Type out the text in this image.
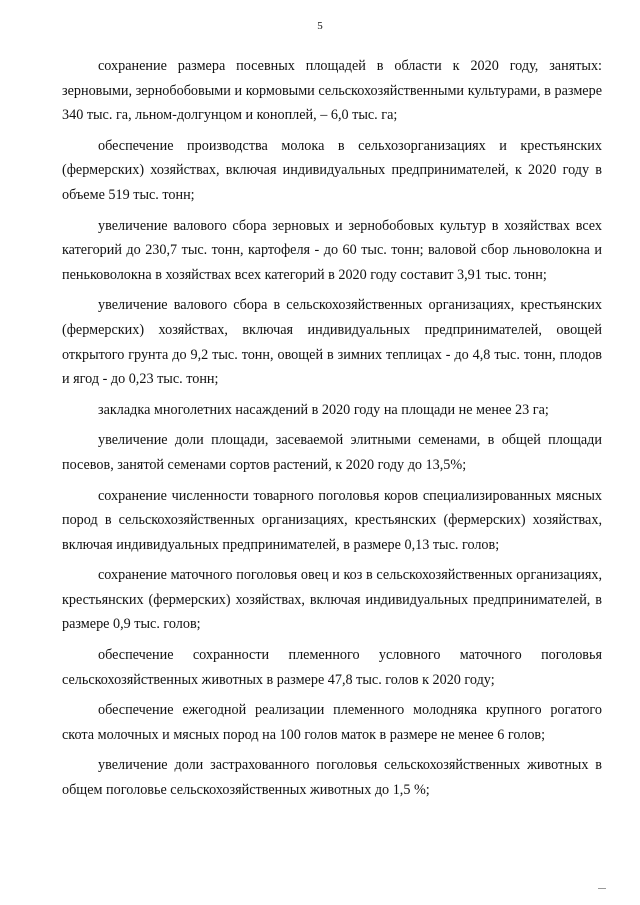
5

сохранение размера посевных площадей в области к 2020 году, занятых: зерновыми, зернобобовыми и кормовыми сельскохозяйственными культурами, в размере 340 тыс. га, льном-долгунцом и коноплей, – 6,0 тыс. га;

обеспечение производства молока в сельхозорганизациях и крестьянских (фермерских) хозяйствах, включая индивидуальных предпринимателей, к 2020 году в объеме 519 тыс. тонн;

увеличение валового сбора зерновых и зернобобовых культур в хозяйствах всех категорий до 230,7 тыс. тонн, картофеля - до 60 тыс. тонн; валовой сбор льноволокна и пеньковолокна в хозяйствах всех категорий в 2020 году составит 3,91 тыс. тонн;

увеличение валового сбора в сельскохозяйственных организациях, крестьянских (фермерских) хозяйствах, включая индивидуальных предпринимателей, овощей открытого грунта до 9,2 тыс. тонн, овощей в зимних теплицах - до 4,8 тыс. тонн, плодов и ягод - до 0,23 тыс. тонн;

закладка многолетних насаждений в 2020 году на площади не менее 23 га;

увеличение доли площади, засеваемой элитными семенами, в общей площади посевов, занятой семенами сортов растений, к 2020 году до 13,5%;

сохранение численности товарного поголовья коров специализированных мясных пород в сельскохозяйственных организациях, крестьянских (фермерских) хозяйствах, включая индивидуальных предпринимателей, в размере 0,13 тыс. голов;

сохранение маточного поголовья овец и коз в сельскохозяйственных организациях, крестьянских (фермерских) хозяйствах, включая индивидуальных предпринимателей, в размере 0,9 тыс. голов;

обеспечение сохранности племенного условного маточного поголовья сельскохозяйственных животных в размере 47,8 тыс. голов к 2020 году;

обеспечение ежегодной реализации племенного молодняка крупного рогатого скота молочных и мясных пород на 100 голов маток в размере не менее 6 голов;

увеличение доли застрахованного поголовья сельскохозяйственных животных в общем поголовье сельскохозяйственных животных до 1,5 %;
